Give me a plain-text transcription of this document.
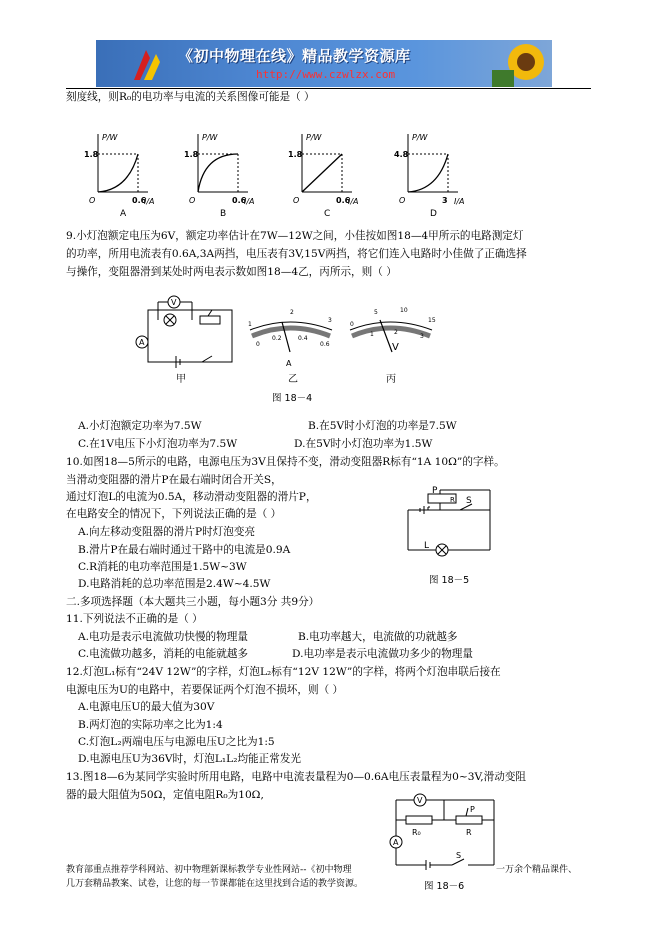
《初中物理在线》精品教学资源库
http://www.czwlzx.com
刻度线，则R₀的电功率与电流的关系图像可能是（ ）
P/W
I/A
O
1.8
0.6
A
P/W
I/A
O
1.8
0.6
B
P/W
I/A
O
1.8
0.6
C
P/W
I/A
O
4.8
3
D
9.小灯泡额定电压为6V，额定功率估计在7W—12W之间，小佳按如图18—4甲所示的电路测定灯
的功率，所用电流表有0.6A,3A两挡，电压表有3V,15V两挡，将它们连入电路时小佳做了正确选择
与操作，变阻器滑到某处时两电表示数如图18—4乙，丙所示，则（ ）
A
V
甲
1
2
3
0
0.2	0.4
0.6
A
乙
0
5	10
15
1	2
3
V
丙
图 18－4
A.小灯泡额定功率为7.5W	B.在5V时小灯泡的功率是7.5W
C.在1V电压下小灯泡功率为7.5W	D.在5V时小灯泡功率为1.5W
10.如图18—5所示的电路，电源电压为3V且保持不变，滑动变阻器R标有“1A 10Ω”的字样。
当滑动变阻器的滑片P在最右端时闭合开关S，
通过灯泡L的电流为0.5A，移动滑动变阻器的滑片P，
在电路安全的情况下，下列说法正确的是（ ）
A.向左移动变阻器的滑片P时灯泡变亮
B.滑片P在最右端时通过干路中的电流是0.9A
C.R消耗的电功率范围是1.5W~3W
D.电路消耗的总功率范围是2.4W~4.5W
P
R S
L
图 18－5
二.多项选择题（本大题共三小题，每小题3分 共9分）
11.下列说法不正确的是（ ）
A.电功是表示电流做功快慢的物理量	B.电功率越大，电流做的功就越多
C.电流做功越多，消耗的电能就越多	D.电功率是表示电流做功多少的物理量
12.灯泡L₁标有“24V 12W”的字样，灯泡L₂标有“12V 12W”的字样，将两个灯泡串联后接在
电源电压为U的电路中，若要保证两个灯泡不损坏，则（ ）
A.电源电压U的最大值为30V
B.两灯泡的实际功率之比为1:4
C.灯泡L₂两端电压与电源电压U之比为1:5
D.电源电压U为36V时，灯泡L₁L₂均能正常发光
13.图18—6为某同学实验时所用电路，电路中电流表量程为0—0.6A电压表量程为0~3V,滑动变阻
器的最大阻值为50Ω，定值电阻R₀为10Ω,	V
A
R₀	R
P
S
图 18－6
教育部重点推荐学科网站、初中物理新课标教学专业性网站--《初中物理	一万余个精品课件、
几万套精品教案、试卷，让您的每一节课都能在这里找到合适的教学资源。
